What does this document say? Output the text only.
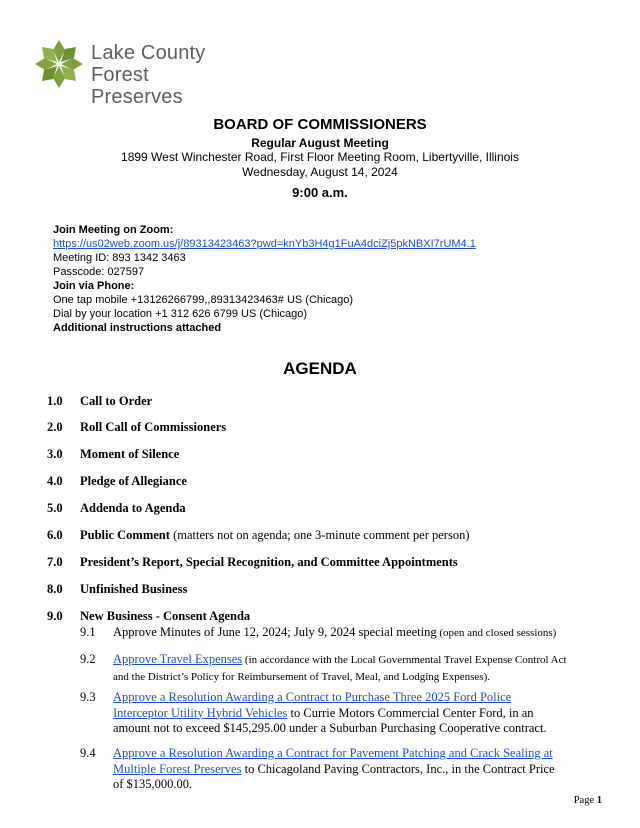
Lake County
Forest Preserves
BOARD OF COMMISSIONERS
Regular August Meeting
1899 West Winchester Road, First Floor Meeting Room, Libertyville, Illinois
Wednesday, August 14, 2024
9:00 a.m.
Join Meeting on Zoom:
https://us02web.zoom.us/j/89313423463?pwd=knYb3H4g1FuA4dciZj5pkNBXI7rUM4.1
Meeting ID: 893 1342 3463
Passcode: 027597
Join via Phone:
One tap mobile +13126266799,,89313423463# US (Chicago)
Dial by your location +1 312 626 6799 US (Chicago)
Additional instructions attached
AGENDA
1.0 Call to Order
2.0 Roll Call of Commissioners
3.0 Moment of Silence
4.0 Pledge of Allegiance
5.0 Addenda to Agenda
6.0 Public Comment (matters not on agenda; one 3-minute comment per person)
7.0 President’s Report, Special Recognition, and Committee Appointments
8.0 Unfinished Business
9.0 New Business - Consent Agenda
9.1 Approve Minutes of June 12, 2024; July 9, 2024 special meeting (open and closed sessions)
9.2 Approve Travel Expenses (in accordance with the Local Governmental Travel Expense Control Act and the District’s Policy for Reimbursement of Travel, Meal, and Lodging Expenses).
9.3 Approve a Resolution Awarding a Contract to Purchase Three 2025 Ford Police Interceptor Utility Hybrid Vehicles to Currie Motors Commercial Center Ford, in an amount not to exceed $145,295.00 under a Suburban Purchasing Cooperative contract.
9.4 Approve a Resolution Awarding a Contract for Pavement Patching and Crack Sealing at Multiple Forest Preserves to Chicagoland Paving Contractors, Inc., in the Contract Price of $135,000.00.
Page 1
